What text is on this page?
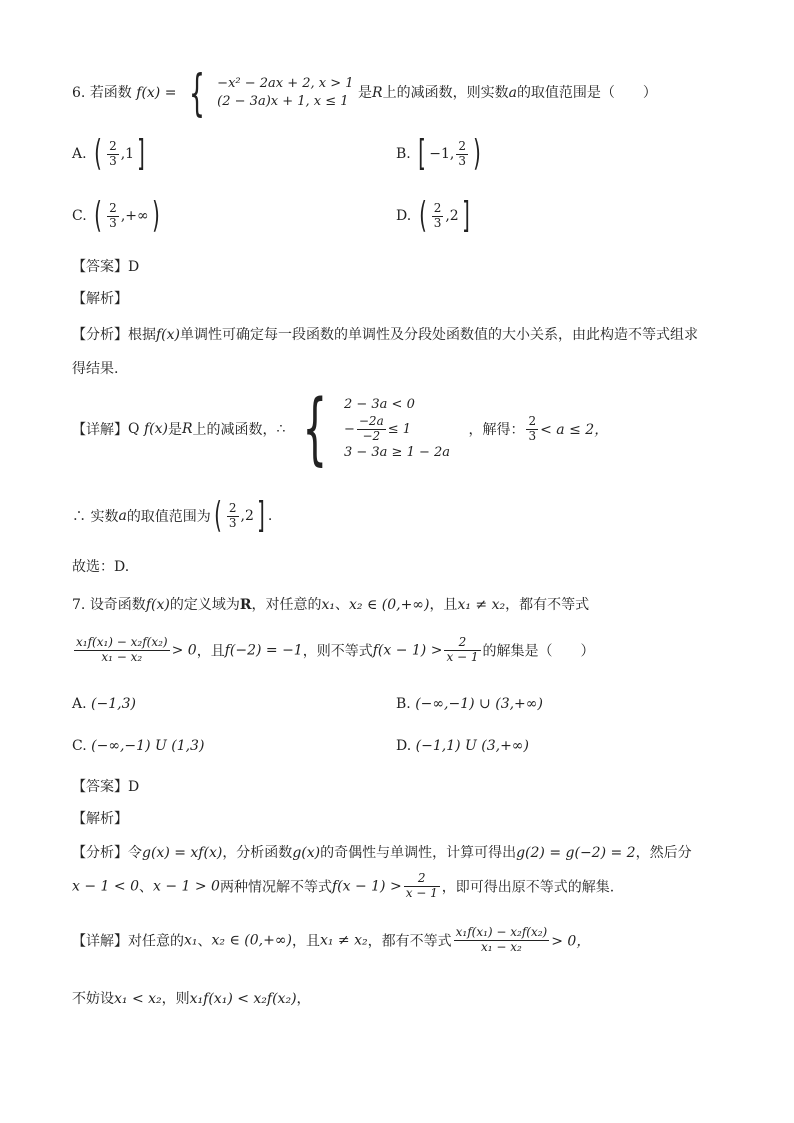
6. 若函数 f(x) = { −x² − 2ax + 2, x > 1
(2 − 3a)x + 1, x ≤ 1
是R上的减函数，则实数a的取值范围是（　　）
A. ( $\frac{2}{3} ,1$]	B. [ −1, $\frac{2}{3}$ )
C. ( $\frac{2}{3}$ ,+∞)	D. ( $\frac{2}{3} ,2$]
【答案】D
【解析】
【分析】根据f(x)单调性可确定每一段函数的单调性及分段处函数值的大小关系，由此构造不等式组求
得结果.
【详解】Q f(x)是R上的减函数，∴ { 2 − 3a < 0
− $\frac{-2a}{-2} \le 1$
3 − 3a ≥ 1 − 2a
，解得： $\frac{2}{3} < a \le 2$，
∴ 实数a的取值范围为( $\frac{2}{3} ,2$] .
故选：D.
7. 设奇函数f(x)的定义域为R，对任意的x₁、x₂ ∈ (0,+∞)，且x₁ ≠ x₂，都有不等式
$\frac{\text{x₁f(x₁) − x₂f(x₂)}}{\text{x₁ − x₂}} > 0$，且f(−2) = −1，则不等式$f(x - 1) > \frac{2}{x - 1}$ 的解集是（　　）
A. (−1,3)	B. (−∞,−1) ∪ (3,+∞)
C. (−∞,−1) U (1,3)	D. (−1,1) U (3,+∞)
【答案】D
【解析】
【分析】令g(x) = xf(x)，分析函数g(x)的奇偶性与单调性，计算可得出g(2) = g(−2) = 2，然后分
x − 1 < 0、x − 1 > 0两种情况解不等式$f(x - 1) > \frac{2}{x - 1}$ ，即可得出原不等式的解集.
【详解】对任意的x₁、x₂ ∈ (0,+∞)，且x₁ ≠ x₂，都有不等式 $\frac{\text{x₁f(x₁) − x₂f(x₂)}}{\text{x₁ − x₂}} > 0$，
不妨设x₁ < x₂，则x₁f(x₁) < x₂f(x₂)，
